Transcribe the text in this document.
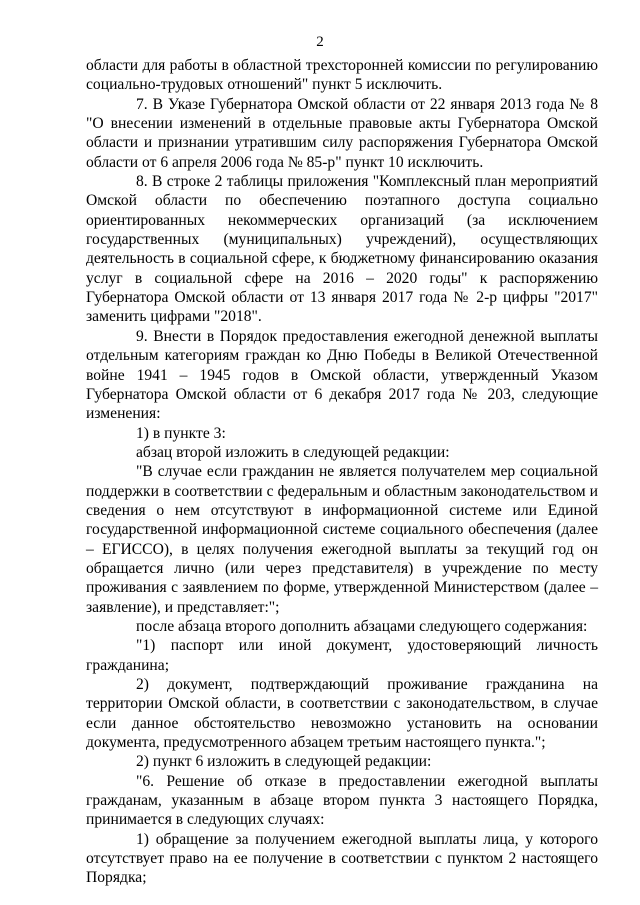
2

области для работы в областной трехсторонней комиссии по регулированию социально-трудовых отношений" пункт 5 исключить.

7. В Указе Губернатора Омской области от 22 января 2013 года № 8 "О внесении изменений в отдельные правовые акты Губернатора Омской области и признании утратившим силу распоряжения Губернатора Омской области от 6 апреля 2006 года № 85-р" пункт 10 исключить.

8. В строке 2 таблицы приложения "Комплексный план мероприятий Омской области по обеспечению поэтапного доступа социально ориентированных некоммерческих организаций (за исключением государственных (муниципальных) учреждений), осуществляющих деятельность в социальной сфере, к бюджетному финансированию оказания услуг в социальной сфере на 2016 – 2020 годы" к распоряжению Губернатора Омской области от 13 января 2017 года № 2-р цифры "2017" заменить цифрами "2018".

9. Внести в Порядок предоставления ежегодной денежной выплаты отдельным категориям граждан ко Дню Победы в Великой Отечественной войне 1941 – 1945 годов в Омской области, утвержденный Указом Губернатора Омской области от 6 декабря 2017 года № 203, следующие изменения:

1) в пункте 3:

абзац второй изложить в следующей редакции:

"В случае если гражданин не является получателем мер социальной поддержки в соответствии с федеральным и областным законодательством и сведения о нем отсутствуют в информационной системе или Единой государственной информационной системе социального обеспечения (далее – ЕГИССО), в целях получения ежегодной выплаты за текущий год он обращается лично (или через представителя) в учреждение по месту проживания с заявлением по форме, утвержденной Министерством (далее – заявление), и представляет:";

после абзаца второго дополнить абзацами следующего содержания:

"1) паспорт или иной документ, удостоверяющий личность гражданина;

2) документ, подтверждающий проживание гражданина на территории Омской области, в соответствии с законодательством, в случае если данное обстоятельство невозможно установить на основании документа, предусмотренного абзацем третьим настоящего пункта.";

2) пункт 6 изложить в следующей редакции:

"6. Решение об отказе в предоставлении ежегодной выплаты гражданам, указанным в абзаце втором пункта 3 настоящего Порядка, принимается в следующих случаях:

1) обращение за получением ежегодной выплаты лица, у которого отсутствует право на ее получение в соответствии с пунктом 2 настоящего Порядка;
